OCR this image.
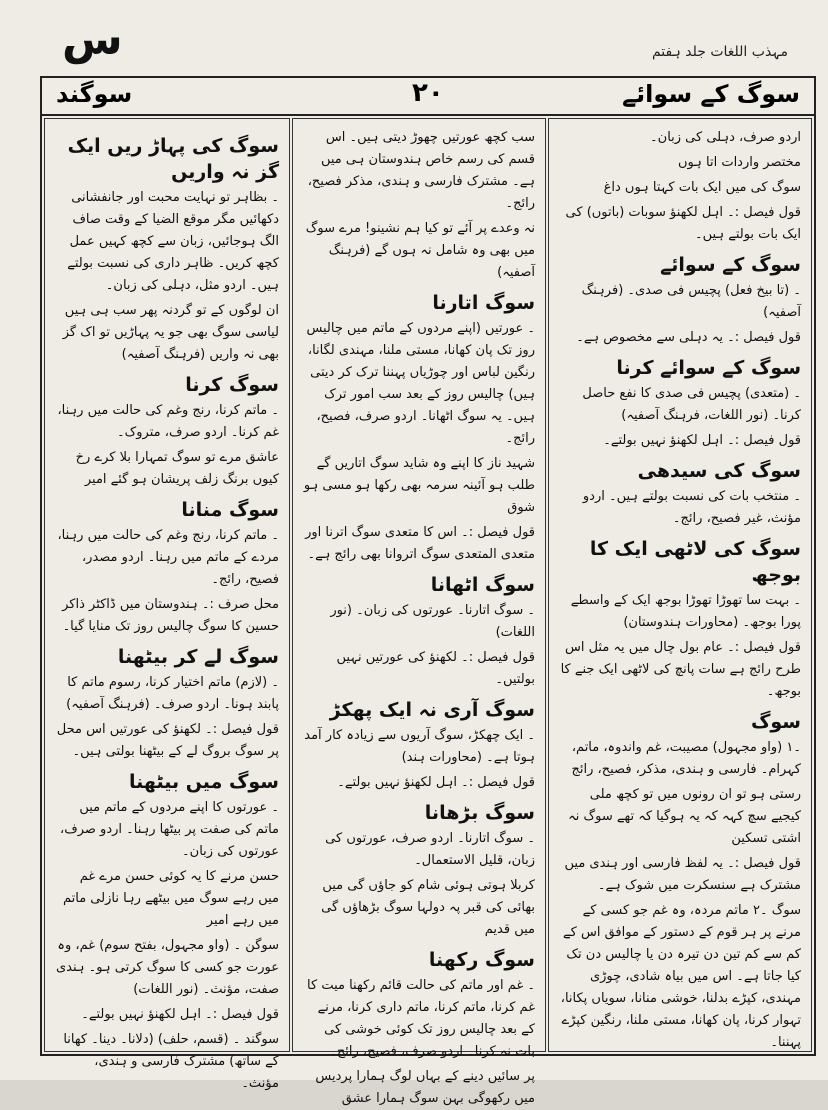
س	مہذب اللغات جلد ہفتم
سوگند	۲۰	سوگ کے سوائے
اردو صرف، دہلی کی زبان۔
مختصر واردات اتا ہوں
سوگ کی میں ایک بات کہتا ہوں داغ
قول فیصل :۔ اہل لکھنؤ سوبات (باتوں) کی ایک بات بولتے ہیں۔
سوگ کے سوائے
۔ (تا بیخ فعل) پچیس فی صدی۔ (فرہنگ آصفیہ)
قول فیصل :۔ یہ دہلی سے مخصوص ہے۔
سوگ کے سوائے کرنا
۔ (متعدی) پچیس فی صدی کا نفع حاصل کرنا۔ (نور اللغات، فرہنگ آصفیہ)
قول فیصل :۔ اہل لکھنؤ نہیں بولتے۔
سوگ کی سیدھی
۔ منتخب بات کی نسبت بولتے ہیں۔ اردو مؤنث، غیر فصیح، رائج۔
سوگ کی لاٹھی ایک کا بوجھ
۔ بہت سا تھوڑا تھوڑا بوجھ ایک کے واسطے پورا بوجھ۔ (محاورات ہندوستان)
قول فیصل :۔ عام بول چال میں یہ مثل اس طرح رائج ہے سات پانچ کی لاٹھی ایک جنے کا بوجھ۔
سوگ
۔۱ (واو مجہول) مصیبت، غم واندوہ، ماتم، کہرام۔ فارسی و ہندی، مذکر، فصیح، رائج
رستی ہو تو ان رونوں میں تو کچھ ملی کیجیے سچ کہہ کہ یہ ہوگیا کہ تھے سوگ نہ اشتی تسکین
قول فیصل :۔ یہ لفظ فارسی اور ہندی میں مشترک ہے سنسکرت میں شوک ہے۔
سوگ ۔۲ ماتم مردہ، وہ غم جو کسی کے مرنے پر ہر قوم کے دستور کے موافق اس کے کم سے کم تین دن تیرہ دن یا چالیس دن تک کیا جاتا ہے۔ اس میں بیاہ شادی، چوڑی مہندی، کپڑے بدلنا، خوشی منانا، سویاں پکانا، تہوار کرنا، پان کھانا، مستی ملنا، رنگین کپڑے پہننا۔
سب کچھ عورتیں چھوڑ دیتی ہیں۔ اس قسم کی رسم خاص ہندوستان ہی میں ہے۔ مشترک فارسی و ہندی، مذکر فصیح، رائج۔
نہ وعدے پر آئے تو کیا ہم نشینو! مرے سوگ میں بھی وہ شامل نہ ہوں گے (فرہنگ آصفیہ)
سوگ اتارنا
۔ عورتیں (اپنے مردوں کے ماتم میں چالیس روز تک پان کھانا، مستی ملنا، مہندی لگانا، رنگین لباس اور چوڑیاں پہننا ترک کر دیتی ہیں) چالیس روز کے بعد سب امور ترک ہیں۔ یہ سوگ اٹھانا۔ اردو صرف، فصیح، رائج۔
شہید ناز کا اپنے وہ شاید سوگ اتاریں گے طلب ہو آئینہ سرمہ بھی رکھا ہو مسی ہو شوق
قول فیصل :۔ اس کا متعدی سوگ اترنا اور متعدی المتعدی سوگ اتروانا بھی رائج ہے۔
سوگ اٹھانا
۔ سوگ اتارنا۔ عورتوں کی زبان۔ (نور اللغات)
قول فیصل :۔ لکھنؤ کی عورتیں نہیں بولتیں۔
سوگ آری نہ ایک پھکڑ
۔ ایک چھکڑ، سوگ آریوں سے زیادہ کار آمد ہوتا ہے۔ (محاورات ہند)
قول فیصل :۔ اہل لکھنؤ نہیں بولتے۔
سوگ بڑھانا
۔ سوگ اتارنا۔ اردو صرف، عورتوں کی زبان، قلیل الاستعمال۔
کربلا ہوتی ہوئی شام کو جاؤں گی میں بھائی کی قبر پہ دولہا سوگ بڑھاؤں گی میں قدیم
سوگ رکھنا
۔ غم اور ماتم کی حالت قائم رکھنا میت کا غم کرنا، ماتم کرنا، ماتم داری کرنا، مرنے کے بعد چالیس روز تک کوئی خوشی کی بات نہ کرنا۔ اردو صرف، فصیح، رائج۔
پر سائیں دینے کے بہاں لوگ ہمارا پردیس میں رکھوگی بہن سوگ ہمارا عشق
سوگ کی پہاڑ ریں ایک گز نہ واریں
۔ بظاہر تو نہایت محبت اور جانفشانی دکھائیں مگر موقع الضیا کے وقت صاف الگ ہوجائیں، زبان سے کچھ کہیں عمل کچھ کریں۔ ظاہر داری کی نسبت بولتے ہیں۔ اردو مثل، دہلی کی زبان۔
ان لوگوں کے تو گردنہ پھر سب ہی ہیں لیاسی سوگ بھی جو یہ پہاڑیں تو اک گز بھی نہ واریں (فرہنگ آصفیہ)
سوگ کرنا
۔ ماتم کرنا، رنج وغم کی حالت میں رہنا، غم کرنا۔ اردو صرف، متروک۔
عاشق مرے تو سوگ تمہارا بلا کرے رخ کیوں برنگ زلف پریشان ہو گئے امیر
سوگ منانا
۔ ماتم کرنا، رنج وغم کی حالت میں رہنا، مردے کے ماتم میں رہنا۔ اردو مصدر، فصیح، رائج۔
محل صرف :۔ ہندوستان میں ڈاکٹر ذاکر حسین کا سوگ چالیس روز تک منایا گیا۔
سوگ لے کر بیٹھنا
۔ (لازم) ماتم اختیار کرنا، رسوم ماتم کا پابند ہونا۔ اردو صرف۔ (فرہنگ آصفیہ)
قول فیصل :۔ لکھنؤ کی عورتیں اس محل پر سوگ بروگ لے کے بیٹھنا بولتی ہیں۔
سوگ میں بیٹھنا
۔ عورتوں کا اپنے مردوں کے ماتم میں ماتم کی صفت پر بیٹھا رہنا۔ اردو صرف، عورتوں کی زبان۔
حسن مرنے کا یہ کوئی حسن مرے غم میں رہے سوگ میں بیٹھے رہا نازلی ماتم میں رہے امیر
سوگن ۔ (واو مجہول، بفتح سوم) غم، وہ عورت جو کسی کا سوگ کرتی ہو۔ ہندی صفت، مؤنث۔ (نور اللغات)
قول فیصل :۔ اہل لکھنؤ نہیں بولتے۔
سوگند ۔ (قسم، حلف) (دلانا۔ دینا۔ کھانا کے ساتھ) مشترک فارسی و ہندی، مؤنث۔
